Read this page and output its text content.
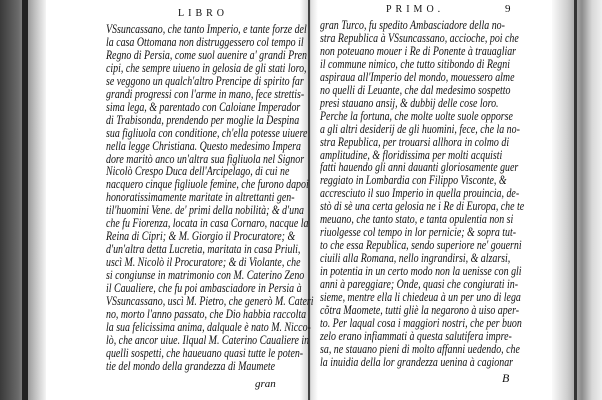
LIBRO
VSsuncassano, che tanto Imperio, e tante forze del
la casa Ottomana non distruggessero col tempo il
Regno di Persia, come suol auenire a' grandi Pren
cipi, che sempre uiueno in gelosia de gli stati loro,
se veggono un qualch'altro Prencipe di spirito far
grandi progressi con l'arme in mano, fece strettis-
sima lega, & parentado con Caloiane Imperador
di Trabisonda, prendendo per moglie la Despina
sua figliuola con conditione, ch'ella potesse uiuere
nella legge Christiana. Questo medesimo Impera
dore maritò anco un'altra sua figliuola nel Signor
Nicolò Crespo Duca dell'Arcipelago, di cui ne
nacquero cinque figliuole femine, che furono dapoi
honoratissimamente maritate in altrettanti gen-
til'huomini Vene. de' primi della nobilità; & d'una
che fu Fiorenza, locata in casa Cornaro, nacque la
Reina di Cipri; & M. Giorgio il Procuratore; &
d'un'altra detta Lucretia, maritata in casa Priuli,
uscì M. Nicolò il Procuratore; & di Violante, che
si congiunse in matrimonio con M. Caterino Zeno
il Caualiere, che fu poi ambasciadore in Persia à
VSsuncassano, uscì M. Pietro, che generò M. Cateri
no, morto l'anno passato, che Dio habbia raccolta
la sua felicissima anima, dalquale è nato M. Nicco-
lò, che ancor uiue. Ilqual M. Caterino Caualiere in
quelli sospetti, che haueuano quasi tutte le poten-
tie del mondo della grandezza di Maumete
gran
PRIMO.	9
gran Turco, fu spedito Ambasciadore della no-
stra Republica à VSsuncassano, accioche, poi che
non poteuano mouer i Re di Ponente à trauagliar
il commune nimico, che tutto sitibondo di Regni
aspiraua all'Imperio del mondo, mouessero alme
no quelli di Leuante, che dal medesimo sospetto
presi stauano ansij, & dubbij delle cose loro.
Perche la fortuna, che molte uolte suole opporse
a gli altri desiderij de gli huomini, fece, che la no-
stra Republica, per trouarsi allhora in colmo di
amplitudine, & floridissima per molti acquisti
fatti hauendo gli anni dauanti gloriosamente guer
reggiato in Lombardia con Filippo Visconte, &
accresciuto il suo Imperio in quella prouincia, de-
stò di sè una certa gelosia ne i Re di Europa, che te
meuano, che tanto stato, e tanta opulentia non si
riuolgesse col tempo in lor pernicie; & sopra tut-
to che essa Republica, sendo superiore ne' gouerni
ciuili alla Romana, nello ingrandirsi, & alzarsi,
in potentia in un certo modo non la uenisse con gli
anni à pareggiare; Onde, quasi che congiurati in-
sieme, mentre ella li chiedeua à un per uno di lega
cõtra Maomete, tutti gliè la negarono à uiso aper-
to. Per laqual cosa i maggiori nostri, che per buon
zelo erano infiammati à questa salutifera impre-
sa, ne stauano pieni di molto affanni uedendo, che
la inuidia della lor grandezza uenina à cagionar
B
